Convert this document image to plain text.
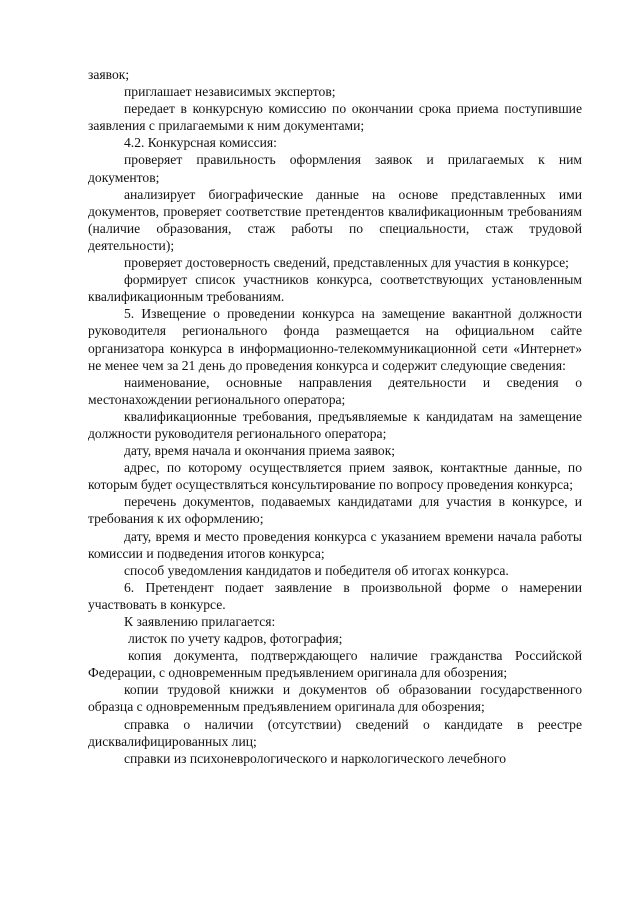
заявок;

приглашает независимых экспертов;

передает в конкурсную комиссию по окончании срока приема поступившие заявления с прилагаемыми к ним документами;

4.2. Конкурсная комиссия:

проверяет правильность оформления заявок и прилагаемых к ним документов;

анализирует биографические данные на основе представленных ими документов, проверяет соответствие претендентов квалификационным требованиям (наличие образования, стаж работы по специальности, стаж трудовой деятельности);

проверяет достоверность сведений, представленных для участия в конкурсе;

формирует список участников конкурса, соответствующих установленным квалификационным требованиям.

5. Извещение о проведении конкурса на замещение вакантной должности руководителя регионального фонда размещается на официальном сайте организатора конкурса в информационно-телекоммуникационной сети «Интернет» не менее чем за 21 день до проведения конкурса и содержит следующие сведения:

наименование, основные направления деятельности и сведения о местонахождении регионального оператора;

квалификационные требования, предъявляемые к кандидатам на замещение должности руководителя регионального оператора;

дату, время начала и окончания приема заявок;

адрес, по которому осуществляется прием заявок, контактные данные, по которым будет осуществляться консультирование по вопросу проведения конкурса;

перечень документов, подаваемых кандидатами для участия в конкурсе, и требования к их оформлению;

дату, время и место проведения конкурса с указанием времени начала работы комиссии и подведения итогов конкурса;

способ уведомления кандидатов и победителя об итогах конкурса.

6. Претендент подает заявление в произвольной форме о намерении участвовать в конкурсе.

К заявлению прилагается:

листок по учету кадров, фотография;

копия документа, подтверждающего наличие гражданства Российской Федерации, с одновременным предъявлением оригинала для обозрения;

копии трудовой книжки и документов об образовании государственного образца с одновременным предъявлением оригинала для обозрения;

справка о наличии (отсутствии) сведений о кандидате в реестре дисквалифицированных лиц;

справки из психоневрологического и наркологического лечебного
